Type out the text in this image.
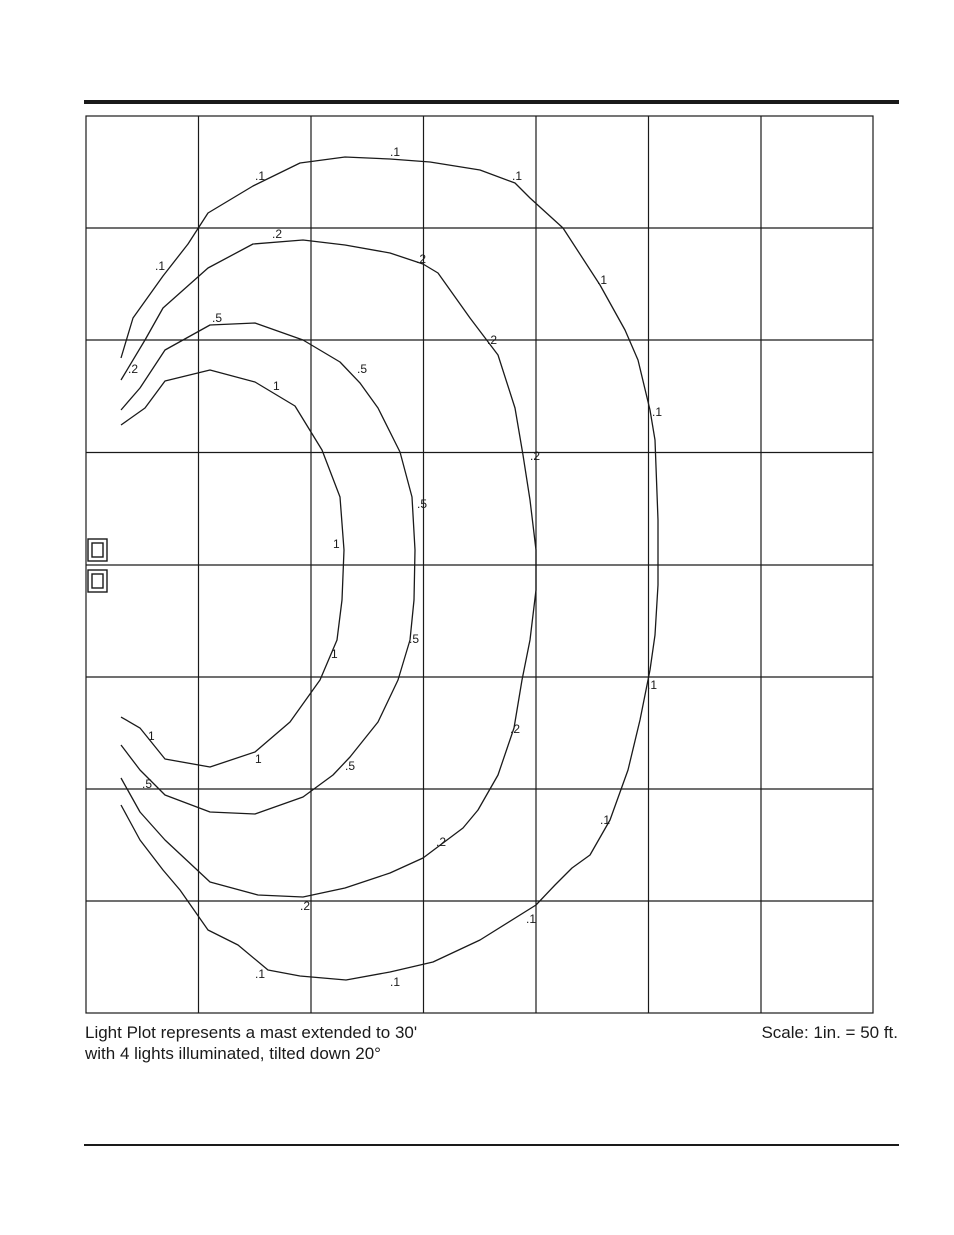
.1
.1
.1
.1
.1
.1
.1
.1
.1
.1
.1
.2
.2
.2
.2
.2
.2
.2
.2
.5
.5
.5
.5
.5
.5
1
1
1
1
1
Light Plot represents a mast extended to 30'
with 4 lights illuminated, tilted down 20°
Scale: 1in. = 50 ft.
